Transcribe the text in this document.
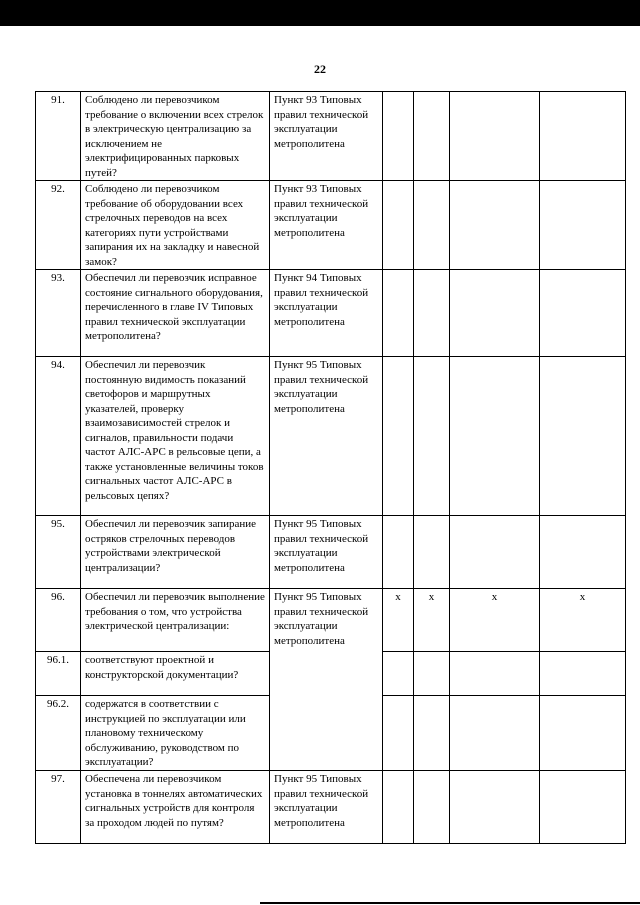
22
91.	Соблюдено ли перевозчиком требование о включении всех стрелок в электрическую централизацию за исключением не электрифицированных парковых путей?	Пункт 93 Типовых правил технической эксплуатации метрополитена				
92.	Соблюдено ли перевозчиком требование об оборудовании всех стрелочных переводов на всех категориях пути устройствами запирания их на закладку и навесной замок?	Пункт 93 Типовых правил технической эксплуатации метрополитена				
93.	Обеспечил ли перевозчик исправное состояние сигнального оборудования, перечисленного в главе IV Типовых правил технической эксплуатации метрополитена?	Пункт 94 Типовых правил технической эксплуатации метрополитена				
94.	Обеспечил ли перевозчик постоянную видимость показаний светофоров и маршрутных указателей, проверку взаимозависимостей стрелок и сигналов, правильности подачи частот АЛС-АРС в рельсовые цепи, а также установленные величины токов сигнальных частот АЛС-АРС в рельсовых цепях?	Пункт 95 Типовых правил технической эксплуатации метрополитена				
95.	Обеспечил ли перевозчик запирание остряков стрелочных переводов устройствами электрической централизации?	Пункт 95 Типовых правил технической эксплуатации метрополитена				
96.	Обеспечил ли перевозчик выполнение требования о том, что устройства электрической централизации:	Пункт 95 Типовых правил технической эксплуатации метрополитена	x	x	x	x
96.1.	соответствуют проектной и конструкторской документации?					
96.2.	содержатся в соответствии с инструкцией по эксплуатации или плановому техническому обслуживанию, руководством по эксплуатации?					
97.	Обеспечена ли перевозчиком установка в тоннелях автоматических сигнальных устройств для контроля за проходом людей по путям?	Пункт 95 Типовых правил технической эксплуатации метрополитена				
